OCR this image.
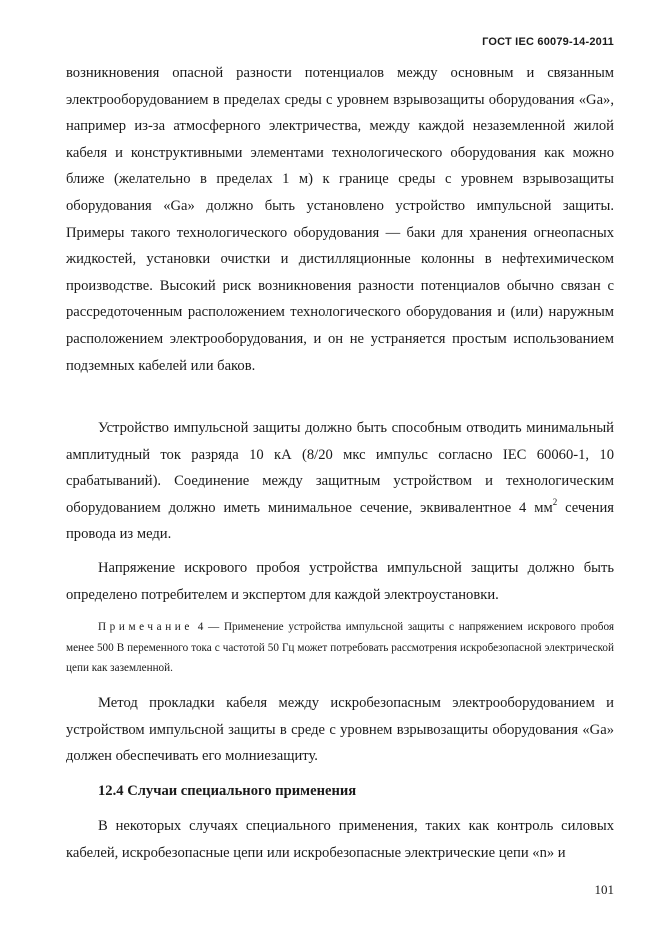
ГОСТ IEC 60079-14-2011

возникновения опасной разности потенциалов между основным и связанным электрооборудованием в пределах среды с уровнем взрывозащиты оборудования «Ga», например из-за атмосферного электричества, между каждой незаземленной жилой кабеля и конструктивными элементами технологического оборудования как можно ближе (желательно в пределах 1 м) к границе среды с уровнем взрывозащиты оборудования «Ga» должно быть установлено устройство импульсной защиты. Примеры такого технологического оборудования — баки для хранения огнеопасных жидкостей, установки очистки и дистилляционные колонны в нефтехимическом производстве. Высокий риск возникновения разности потенциалов обычно связан с рассредоточенным расположением технологического оборудования и (или) наружным расположением электрооборудования, и он не устраняется простым использованием подземных кабелей или баков.

Устройство импульсной защиты должно быть способным отводить минимальный амплитудный ток разряда 10 кА (8/20 мкс импульс согласно IEC 60060-1, 10 срабатываний). Соединение между защитным устройством и технологическим оборудованием должно иметь минимальное сечение, эквивалентное 4 $мм^2$ сечения провода из меди.

Напряжение искрового пробоя устройства импульсной защиты должно быть определено потребителем и экспертом для каждой электроустановки.

Примечание 4 — Применение устройства импульсной защиты с напряжением искрового пробоя менее 500 В переменного тока с частотой 50 Гц может потребовать рассмотрения искробезопасной электрической цепи как заземленной.

Метод прокладки кабеля между искробезопасным электрооборудованием и устройством импульсной защиты в среде с уровнем взрывозащиты оборудования «Ga» должен обеспечивать его молниезащиту.

12.4 Случаи специального применения

В некоторых случаях специального применения, таких как контроль силовых кабелей, искробезопасные цепи или искробезопасные электрические цепи «n» и

101
